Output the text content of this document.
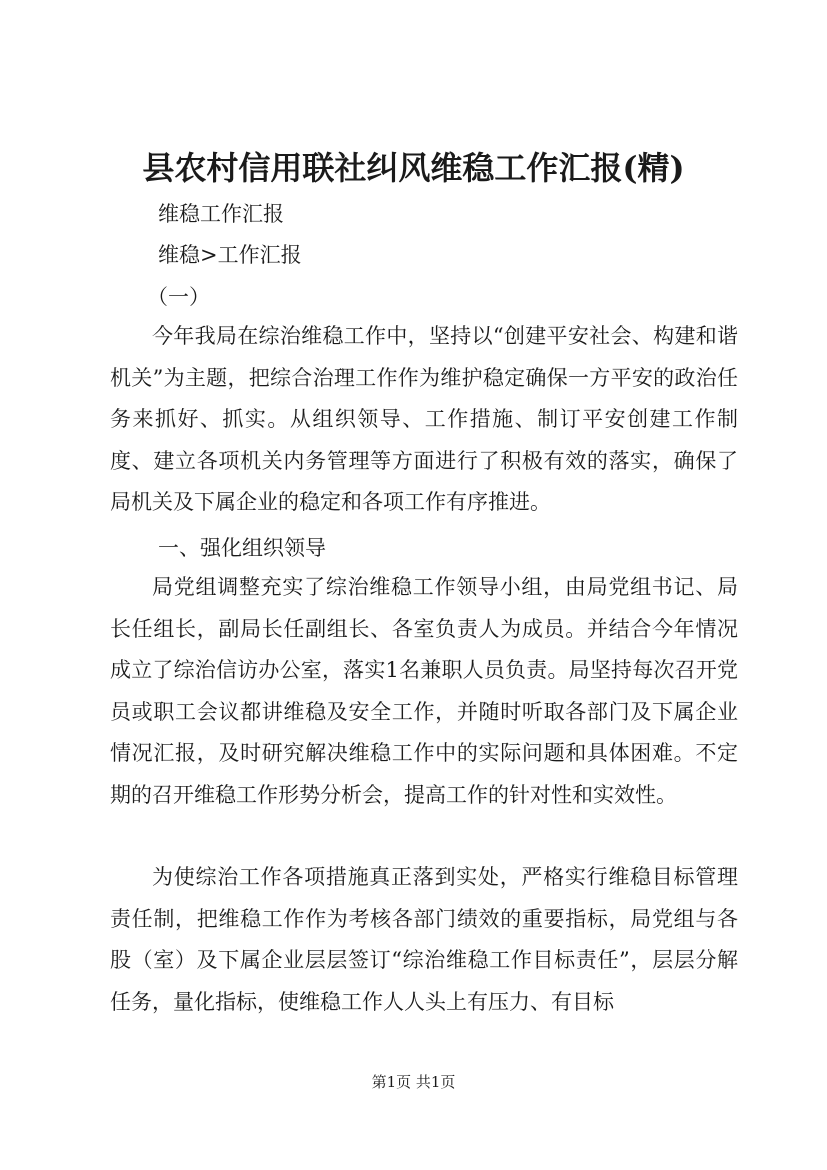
县农村信用联社纠风维稳工作汇报(精)
维稳工作汇报
维稳>工作汇报
（一）

今年我局在综治维稳工作中，坚持以“创建平安社会、构建和谐机关”为主题，把综合治理工作作为维护稳定确保一方平安的政治任务来抓好、抓实。从组织领导、工作措施、制订平安创建工作制度、建立各项机关内务管理等方面进行了积极有效的落实，确保了局机关及下属企业的稳定和各项工作有序推进。

一、强化组织领导

局党组调整充实了综治维稳工作领导小组，由局党组书记、局长任组长，副局长任副组长、各室负责人为成员。并结合今年情况成立了综治信访办公室，落实1名兼职人员负责。局坚持每次召开党员或职工会议都讲维稳及安全工作，并随时听取各部门及下属企业情况汇报，及时研究解决维稳工作中的实际问题和具体困难。不定期的召开维稳工作形势分析会，提高工作的针对性和实效性。

为使综治工作各项措施真正落到实处，严格实行维稳目标管理责任制，把维稳工作作为考核各部门绩效的重要指标，局党组与各股（室）及下属企业层层签订“综治维稳工作目标责任”，层层分解任务，量化指标，使维稳工作人人头上有压力、有目标

第1页 共1页
